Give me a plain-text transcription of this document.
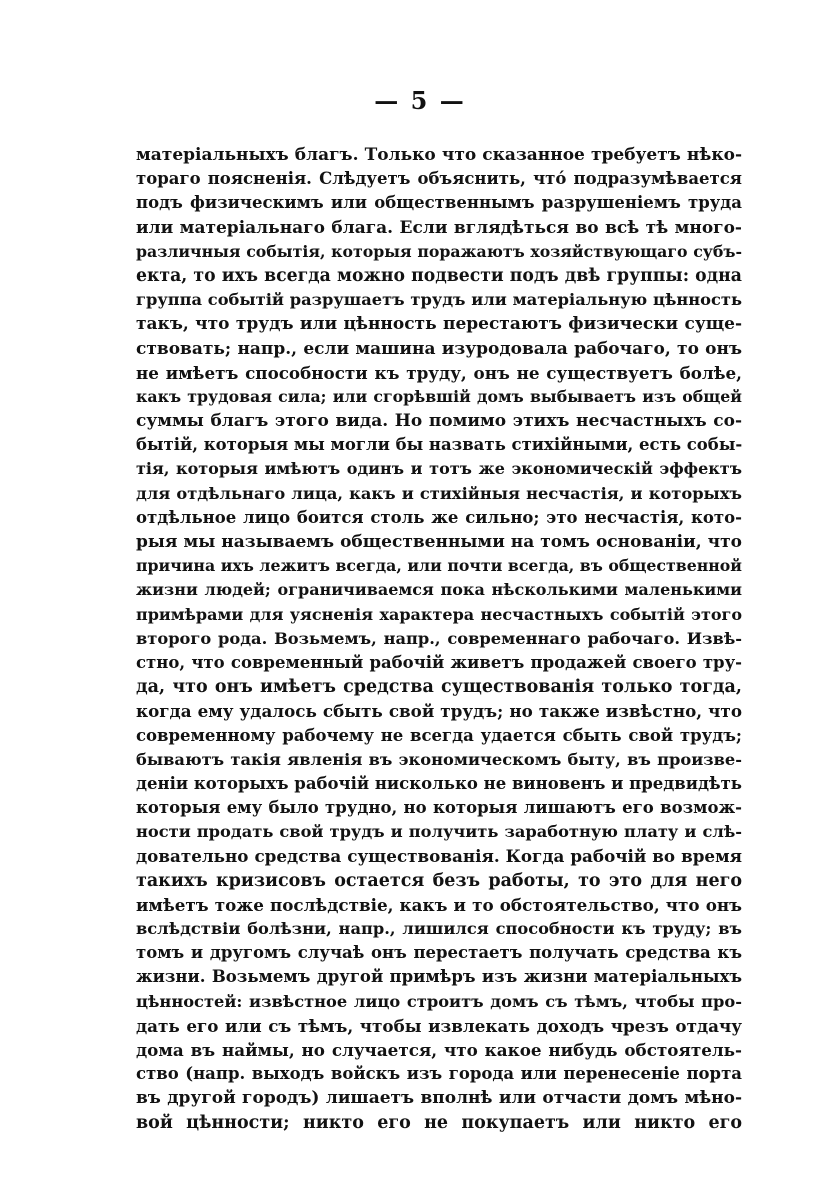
— 5 —
матеріальныхъ благъ. Только что сказанное требуетъ нѣко-
тораго поясненія. Слѣдуетъ объяснить, что́ подразумѣвается
подъ физическимъ или общественнымъ разрушеніемъ труда
или матеріальнаго блага. Если вглядѣться во всѣ тѣ много-
различныя событія, которыя поражаютъ хозяйствующаго субъ-
екта, то ихъ всегда можно подвести подъ двѣ группы: одна
группа событій разрушаетъ трудъ или матеріальную цѣнность
такъ, что трудъ или цѣнность перестаютъ физически суще-
ствовать; напр., если машина изуродовала рабочаго, то онъ
не имѣетъ способности къ труду, онъ не существуетъ болѣе,
какъ трудовая сила; или сгорѣвшій домъ выбываетъ изъ общей
суммы благъ этого вида. Но помимо этихъ несчастныхъ со-
бытій, которыя мы могли бы назвать стихійными, есть собы-
тія, которыя имѣютъ одинъ и тотъ же экономическій эффектъ
для отдѣльнаго лица, какъ и стихійныя несчастія, и которыхъ
отдѣльное лицо боится столь же сильно; это несчастія, кото-
рыя мы называемъ общественными на томъ основаніи, что
причина ихъ лежитъ всегда, или почти всегда, въ общественной
жизни людей; ограничиваемся пока нѣсколькими маленькими
примѣрами для уясненія характера несчастныхъ событій этого
второго рода. Возьмемъ, напр., современнаго рабочаго. Извѣ-
стно, что современный рабочій живетъ продажей своего тру-
да, что онъ имѣетъ средства существованія только тогда,
когда ему удалось сбыть свой трудъ; но также извѣстно, что
современному рабочему не всегда удается сбыть свой трудъ;
бываютъ такія явленія въ экономическомъ быту, въ произве-
деніи которыхъ рабочій нисколько не виновенъ и предвидѣть
которыя ему было трудно, но которыя лишаютъ его возмож-
ности продать свой трудъ и получить заработную плату и слѣ-
довательно средства существованія. Когда рабочій во время
такихъ кризисовъ остается безъ работы, то это для него
имѣетъ тоже послѣдствіе, какъ и то обстоятельство, что онъ
вслѣдствіи болѣзни, напр., лишился способности къ труду; въ
томъ и другомъ случаѣ онъ перестаетъ получать средства къ
жизни. Возьмемъ другой примѣръ изъ жизни матеріальныхъ
цѣнностей: извѣстное лицо строитъ домъ съ тѣмъ, чтобы про-
дать его или съ тѣмъ, чтобы извлекать доходъ чрезъ отдачу
дома въ наймы, но случается, что какое нибудь обстоятель-
ство (напр. выходъ войскъ изъ города или перенесеніе порта
въ другой городъ) лишаетъ вполнѣ или отчасти домъ мѣно-
вой цѣнности; никто его не покупаетъ или никто его
